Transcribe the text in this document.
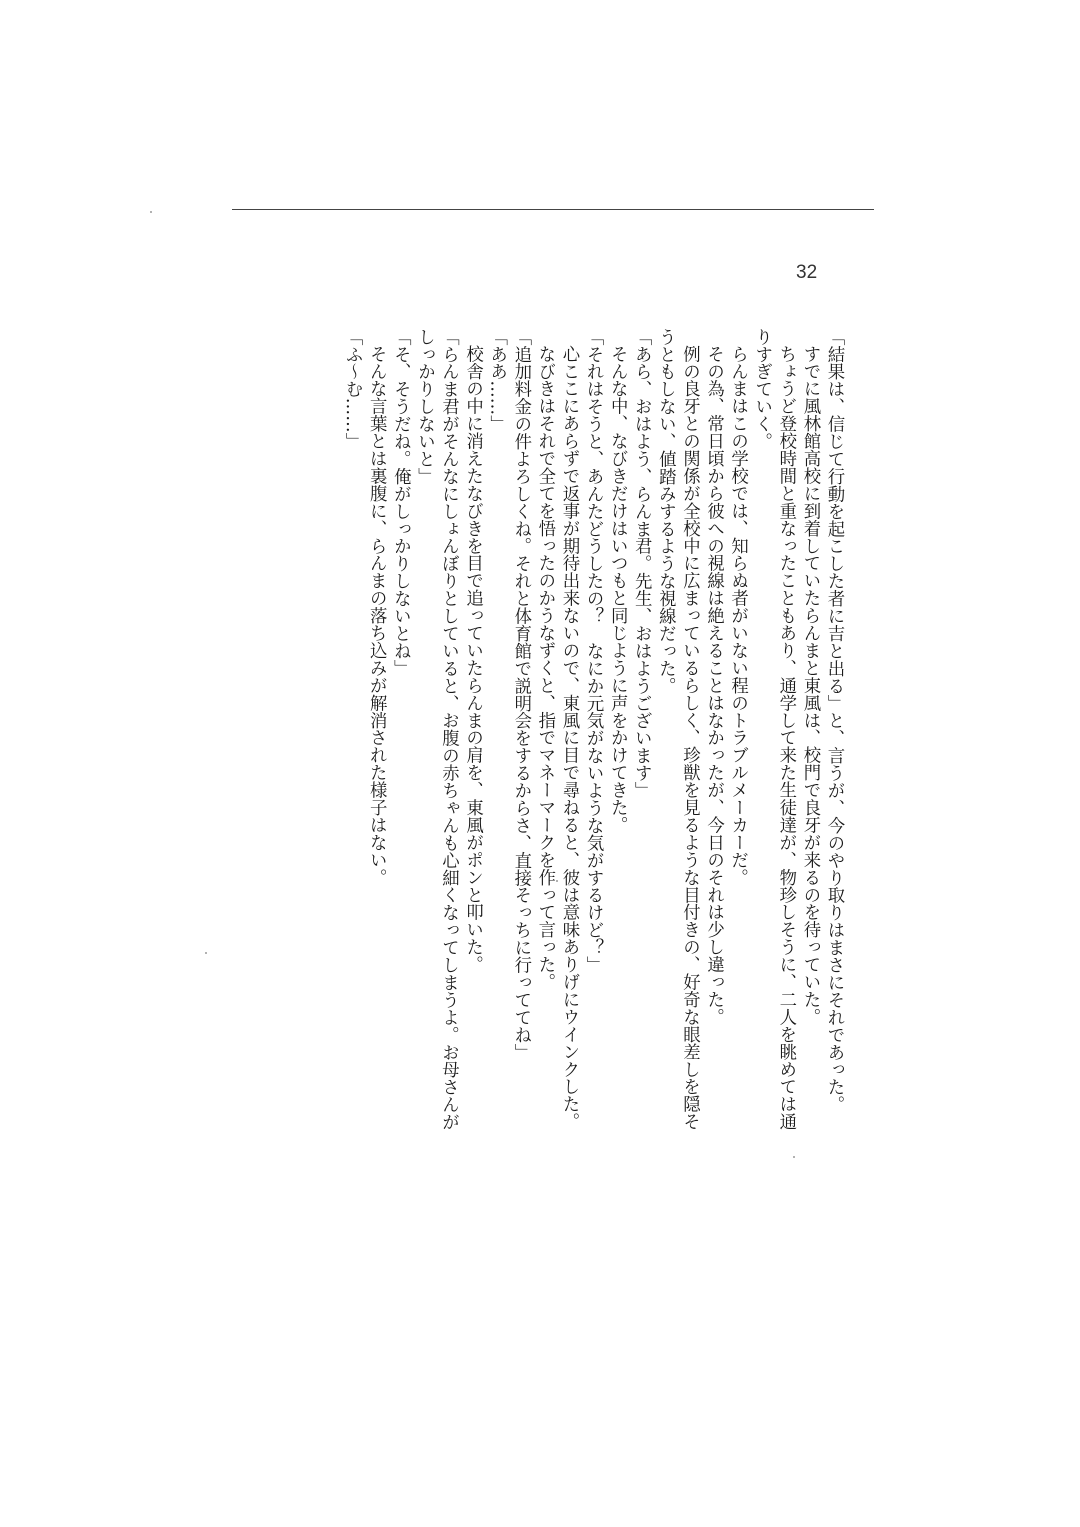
32

「結果は、信じて行動を起こした者に吉と出る」と、言うが、今のやり取りはまさにそれであった。

すでに風林館高校に到着していたらんまと東風は、校門で良牙が来るのを待っていた。

ちょうど登校時間と重なったこともあり、通学して来た生徒達が、物珍しそうに、二人を眺めては通りすぎていく。

らんまはこの学校では、知らぬ者がいない程のトラブルメーカーだ。

その為、常日頃から彼への視線は絶えることはなかったが、今日のそれは少し違った。

例の良牙との関係が全校中に広まっているらしく、珍獣を見るような目付きの、好奇な眼差しを隠そうともしない、値踏みするような視線だった。

「あら、おはよう、らんま君。先生、おはようございます」

そんな中、なびきだけはいつもと同じように声をかけてきた。

「それはそうと、あんたどうしたの？　なにか元気がないような気がするけど？」

心ここにあらずで返事が期待出来ないので、東風に目で尋ねると、彼は意味ありげにウインクした。

なびきはそれで全てを悟ったのかうなずくと、指でマネーマークを作って言った。

「追加料金の件よろしくね。それと体育館で説明会をするからさ、直接そっちに行っててね」

「ああ……」

校舎の中に消えたなびきを目で追っていたらんまの肩を、東風がポンと叩いた。

「らんま君がそんなにしょんぼりとしていると、お腹の赤ちゃんも心細くなってしまうよ。お母さんがしっかりしないと」

「そ、そうだね。俺がしっかりしないとね」

そんな言葉とは裏腹に、らんまの落ち込みが解消された様子はない。

「ふ〜む……」
